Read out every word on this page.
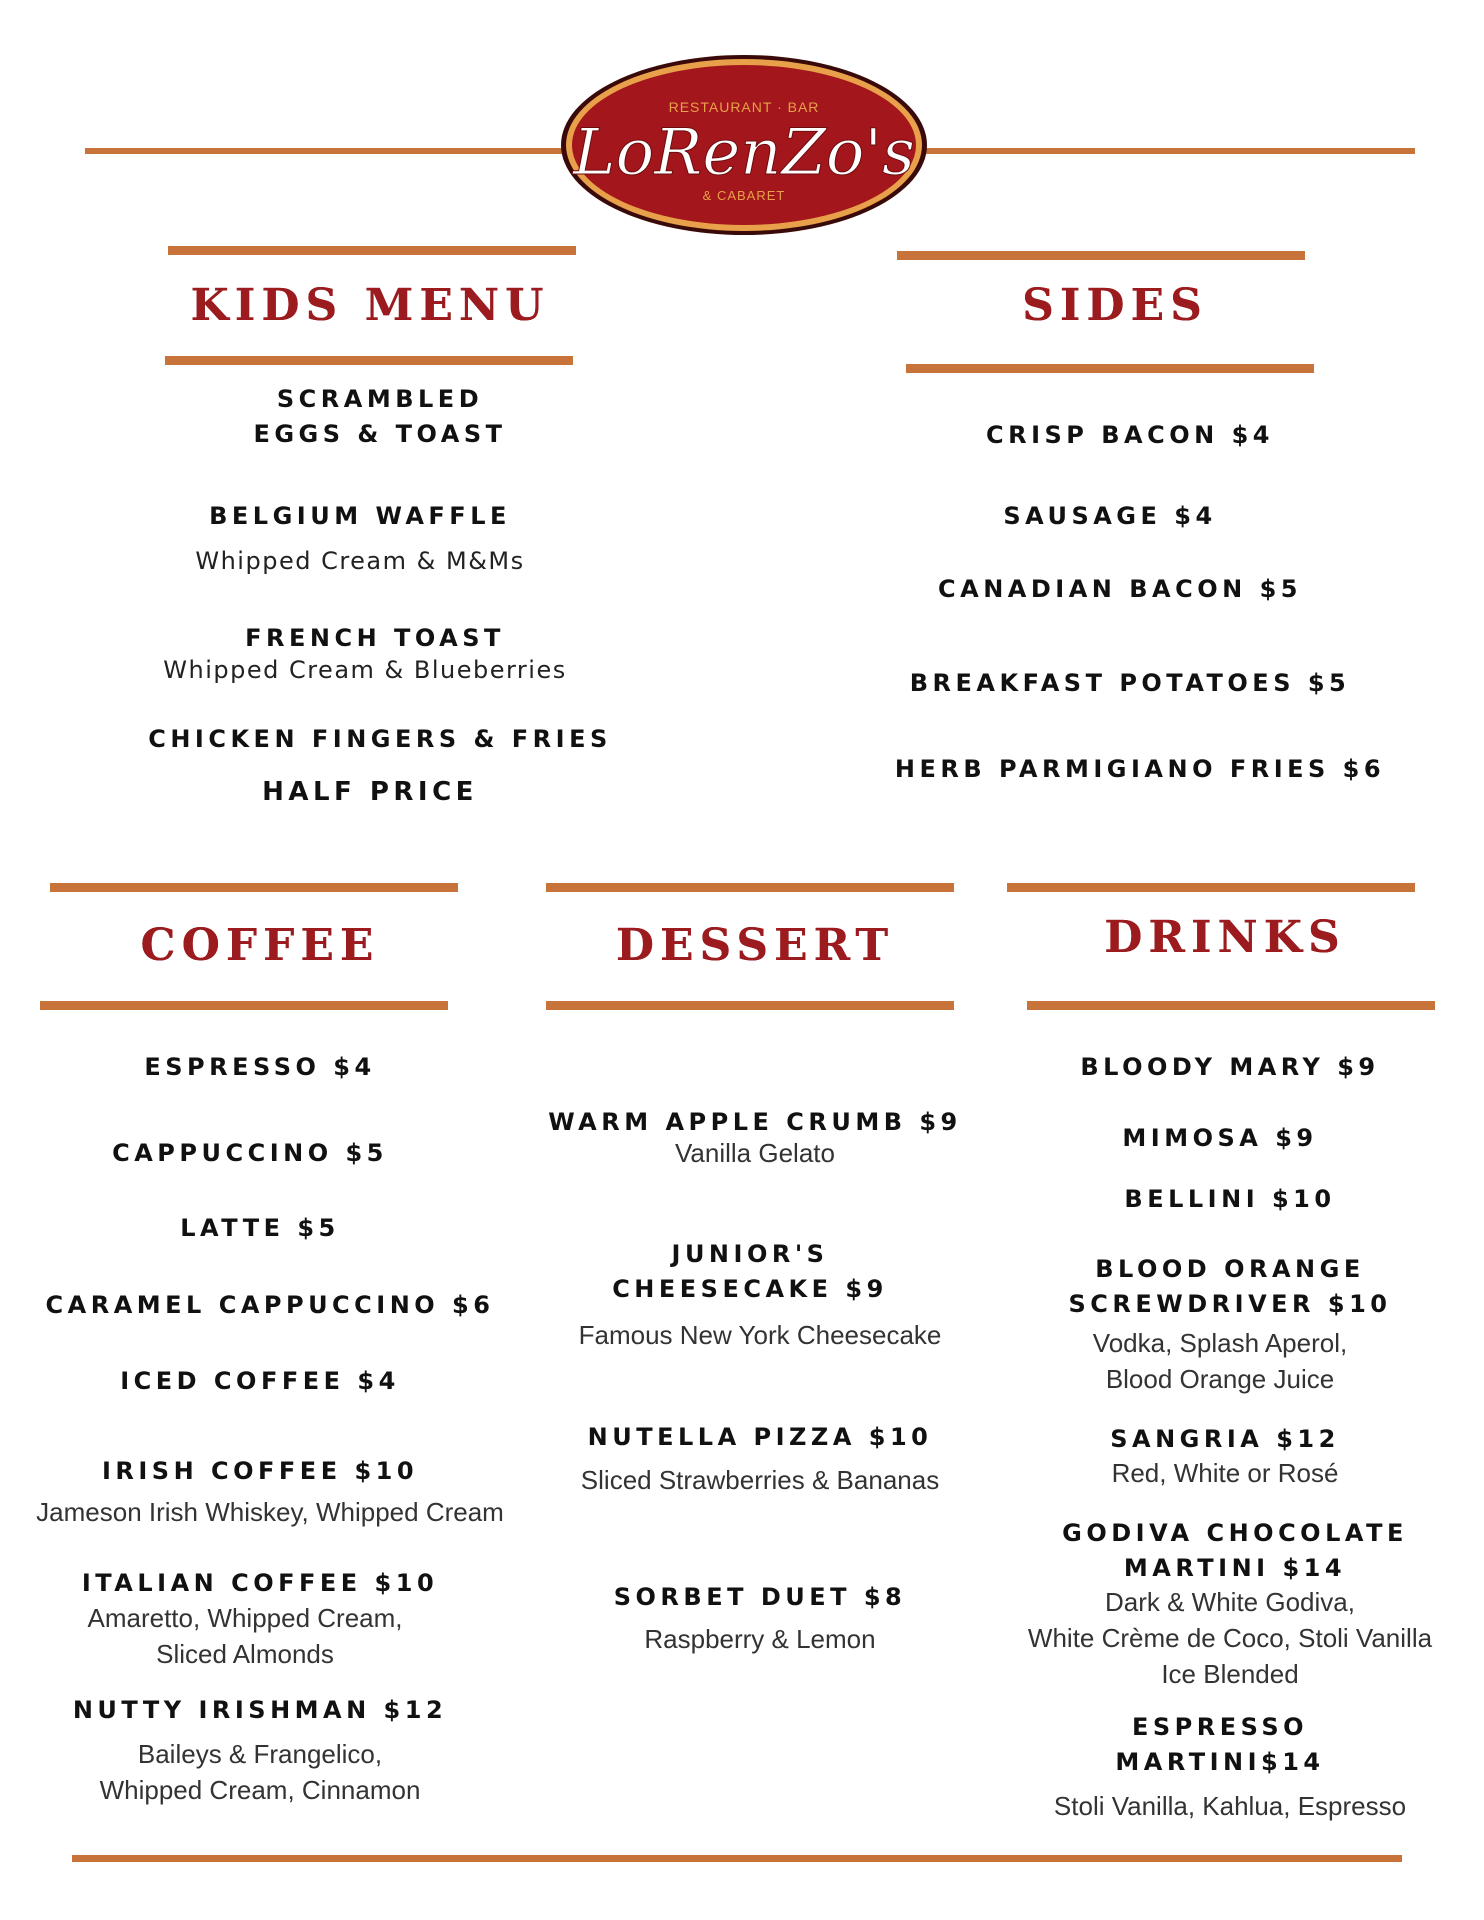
RESTAURANT · BAR
LoRenZo's
& CABARET
KIDS MENU
SCRAMBLED
EGGS & TOAST
BELGIUM WAFFLE
Whipped Cream & M&Ms
FRENCH TOAST
Whipped Cream & Blueberries
CHICKEN FINGERS & FRIES
HALF PRICE
SIDES
CRISP BACON $4
SAUSAGE $4
CANADIAN BACON $5
BREAKFAST POTATOES $5
HERB PARMIGIANO FRIES $6
COFFEE
ESPRESSO $4
CAPPUCCINO $5
LATTE $5
CARAMEL CAPPUCCINO $6
ICED COFFEE $4
IRISH COFFEE $10
Jameson Irish Whiskey, Whipped Cream
ITALIAN COFFEE $10
Amaretto, Whipped Cream,
Sliced Almonds
NUTTY IRISHMAN $12
Baileys & Frangelico,
Whipped Cream, Cinnamon
DESSERT
WARM APPLE CRUMB $9
Vanilla Gelato
JUNIOR'S
CHEESECAKE $9
Famous New York Cheesecake
NUTELLA PIZZA $10
Sliced Strawberries & Bananas
SORBET DUET $8
Raspberry & Lemon
DRINKS
BLOODY MARY $9
MIMOSA $9
BELLINI $10
BLOOD ORANGE
SCREWDRIVER $10
Vodka, Splash Aperol,
Blood Orange Juice
SANGRIA $12
Red, White or Rosé
GODIVA CHOCOLATE
MARTINI $14
Dark & White Godiva,
White Crème de Coco, Stoli Vanilla
Ice Blended
ESPRESSO
MARTINI$14
Stoli Vanilla, Kahlua, Espresso
